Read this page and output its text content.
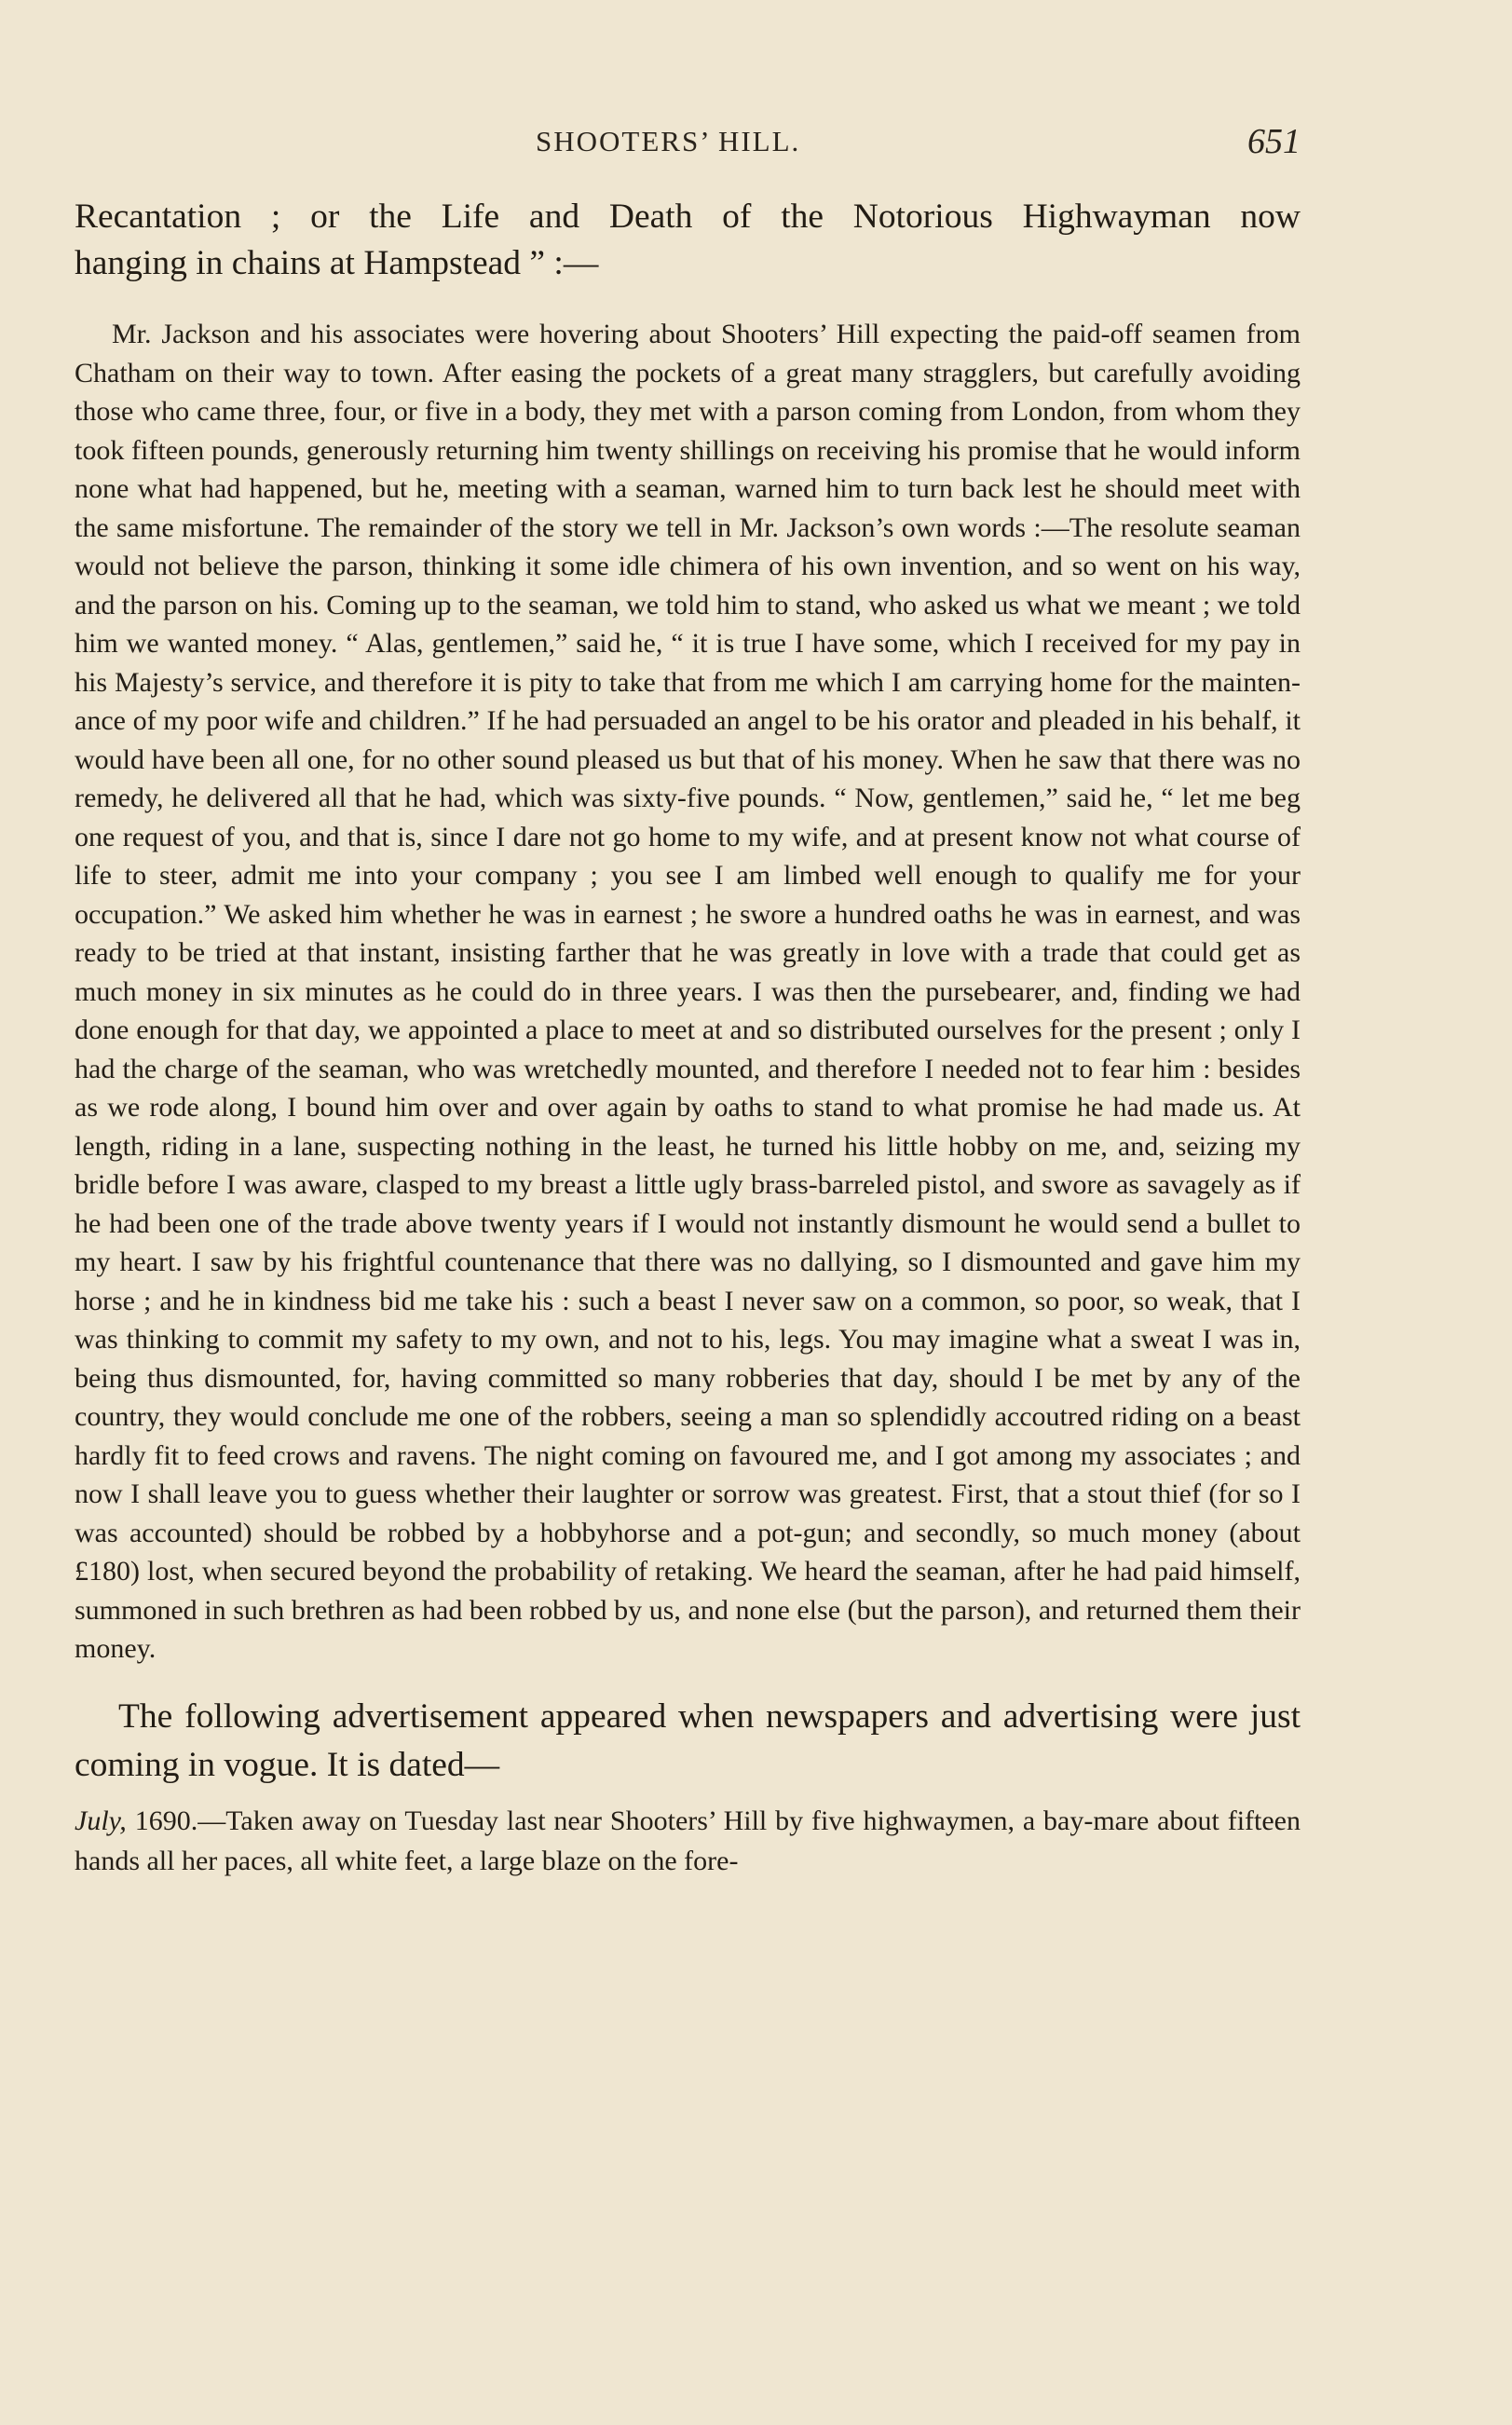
SHOOTERS’ HILL.	651

Recantation ; or the Life and Death of the Notorious Highwayman now
hanging in chains at Hampstead ” :—

Mr. Jackson and his associates were hovering about Shooters’ Hill expecting the paid-off seamen from Chatham on their way to town. After easing the pockets of a great many stragglers, but carefully avoiding those who came three, four, or five in a body, they met with a parson coming from London, from whom they took fifteen pounds, generously returning him twenty shillings on receiving his promise that he would inform none what had happened, but he, meeting with a seaman, warned him to turn back lest he should meet with the same misfortune. The remainder of the story we tell in Mr. Jackson’s own words :—The resolute seaman would not believe the parson, thinking it some idle chimera of his own invention, and so went on his way, and the parson on his. Coming up to the seaman, we told him to stand, who asked us what we meant ; we told him we wanted money. “ Alas, gentlemen,” said he, “ it is true I have some, which I received for my pay in his Majesty’s service, and therefore it is pity to take that from me which I am carrying home for the maintenance of my poor wife and children.” If he had persuaded an angel to be his orator and pleaded in his behalf, it would have been all one, for no other sound pleased us but that of his money. When he saw that there was no remedy, he delivered all that he had, which was sixty-five pounds. “ Now, gentlemen,” said he, “ let me beg one request of you, and that is, since I dare not go home to my wife, and at present know not what course of life to steer, admit me into your company ; you see I am limbed well enough to qualify me for your occupation.” We asked him whether he was in earnest ; he swore a hundred oaths he was in earnest, and was ready to be tried at that instant, insisting farther that he was greatly in love with a trade that could get as much money in six minutes as he could do in three years. I was then the pursebearer, and, finding we had done enough for that day, we appointed a place to meet at and so distributed ourselves for the present ; only I had the charge of the seaman, who was wretchedly mounted, and therefore I needed not to fear him : besides as we rode along, I bound him over and over again by oaths to stand to what promise he had made us. At length, riding in a lane, suspecting nothing in the least, he turned his little hobby on me, and, seizing my bridle before I was aware, clasped to my breast a little ugly brass-barreled pistol, and swore as savagely as if he had been one of the trade above twenty years if I would not instantly dismount he would send a bullet to my heart. I saw by his frightful countenance that there was no dallying, so I dismounted and gave him my horse ; and he in kindness bid me take his : such a beast I never saw on a common, so poor, so weak, that I was thinking to commit my safety to my own, and not to his, legs. You may imagine what a sweat I was in, being thus dismounted, for, having committed so many robberies that day, should I be met by any of the country, they would conclude me one of the robbers, seeing a man so splendidly accoutred riding on a beast hardly fit to feed crows and ravens. The night coming on favoured me, and I got among my associates ; and now I shall leave you to guess whether their laughter or sorrow was greatest. First, that a stout thief (for so I was accounted) should be robbed by a hobbyhorse and a pot-gun; and secondly, so much money (about £180) lost, when secured beyond the probability of retaking. We heard the seaman, after he had paid himself, summoned in such brethren as had been robbed by us, and none else (but the parson), and returned them their money.

The following advertisement appeared when newspapers and advertising were just coming in vogue. It is dated—

July, 1690.—Taken away on Tuesday last near Shooters’ Hill by five highwaymen, a bay-mare about fifteen hands all her paces, all white feet, a large blaze on the fore-
